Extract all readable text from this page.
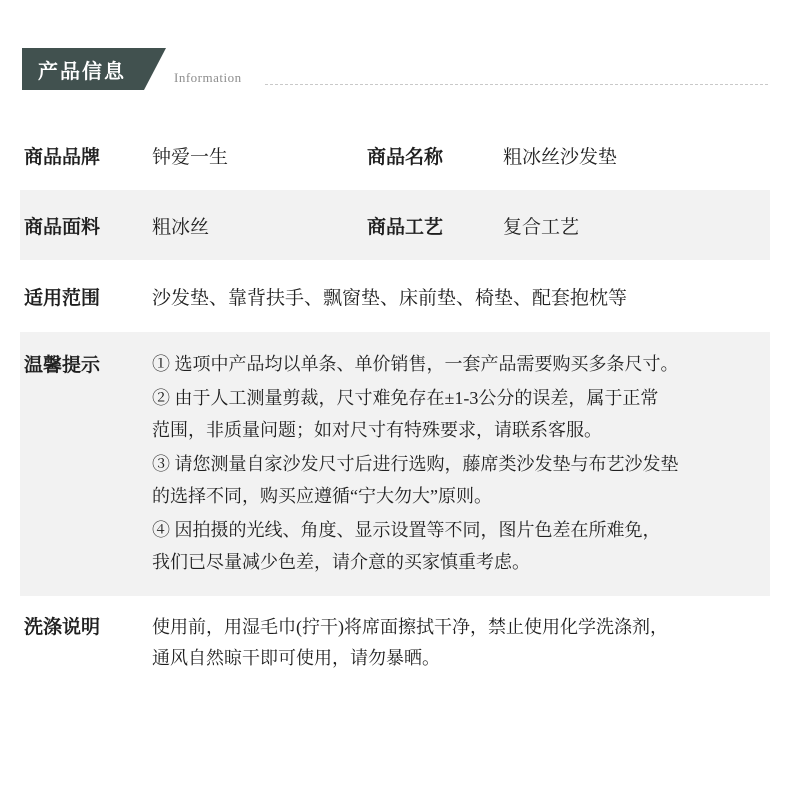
产品信息	Information
商品品牌	钟爱一生	商品名称	粗冰丝沙发垫
商品面料	粗冰丝	商品工艺	复合工艺
适用范围	沙发垫、靠背扶手、飘窗垫、床前垫、椅垫、配套抱枕等
温馨提示	① 选项中产品均以单条、单价销售，一套产品需要购买多条尺寸。
② 由于人工测量剪裁，尺寸难免存在±1-3公分的误差，属于正常
范围，非质量问题；如对尺寸有特殊要求，请联系客服。
③ 请您测量自家沙发尺寸后进行选购，藤席类沙发垫与布艺沙发垫
的选择不同，购买应遵循“宁大勿大”原则。
④ 因拍摄的光线、角度、显示设置等不同，图片色差在所难免，
我们已尽量减少色差，请介意的买家慎重考虑。
洗涤说明	使用前，用湿毛巾(拧干)将席面擦拭干净，禁止使用化学洗涤剂，
通风自然晾干即可使用，请勿暴晒。
